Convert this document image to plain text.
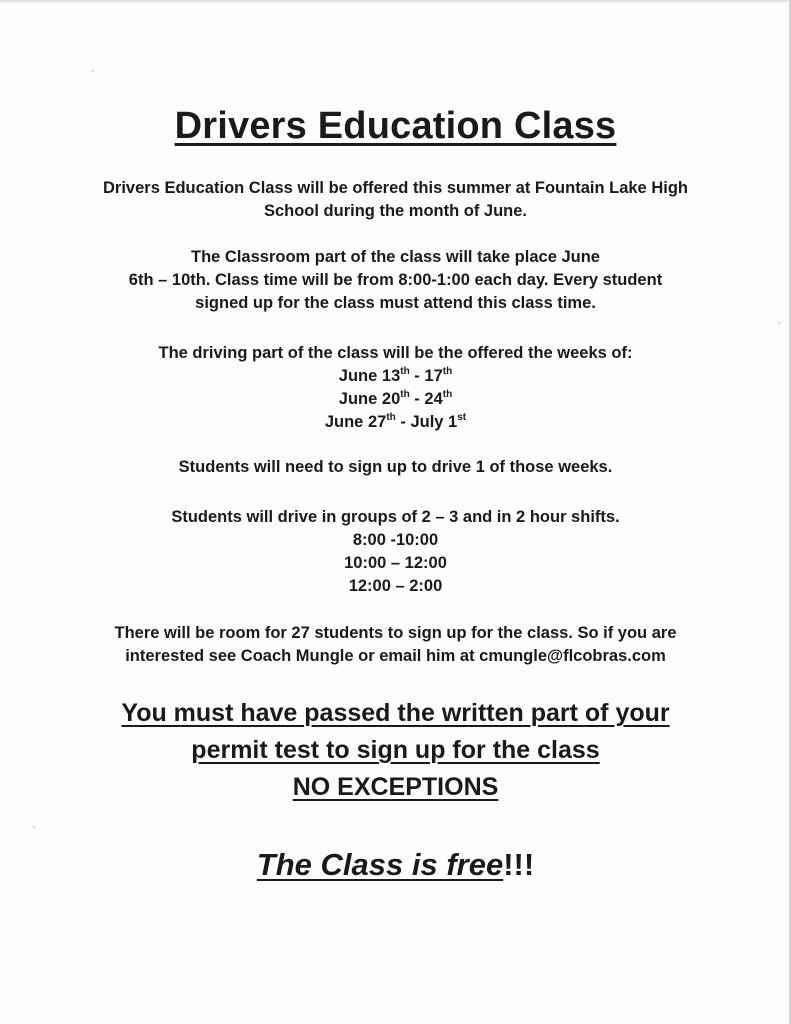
Drivers Education Class
Drivers Education Class will be offered this summer at Fountain Lake High
School during the month of June.
The Classroom part of the class will take place June
6th – 10th. Class time will be from 8:00-1:00 each day. Every student
signed up for the class must attend this class time.
The driving part of the class will be the offered the weeks of:
June 13th - 17th
June 20th - 24th
June 27th - July 1st
Students will need to sign up to drive 1 of those weeks.
Students will drive in groups of 2 – 3 and in 2 hour shifts.
8:00 -10:00
10:00 – 12:00
12:00 – 2:00
There will be room for 27 students to sign up for the class. So if you are
interested see Coach Mungle or email him at cmungle@flcobras.com
You must have passed the written part of your
permit test to sign up for the class
NO EXCEPTIONS
The Class is free!!!
